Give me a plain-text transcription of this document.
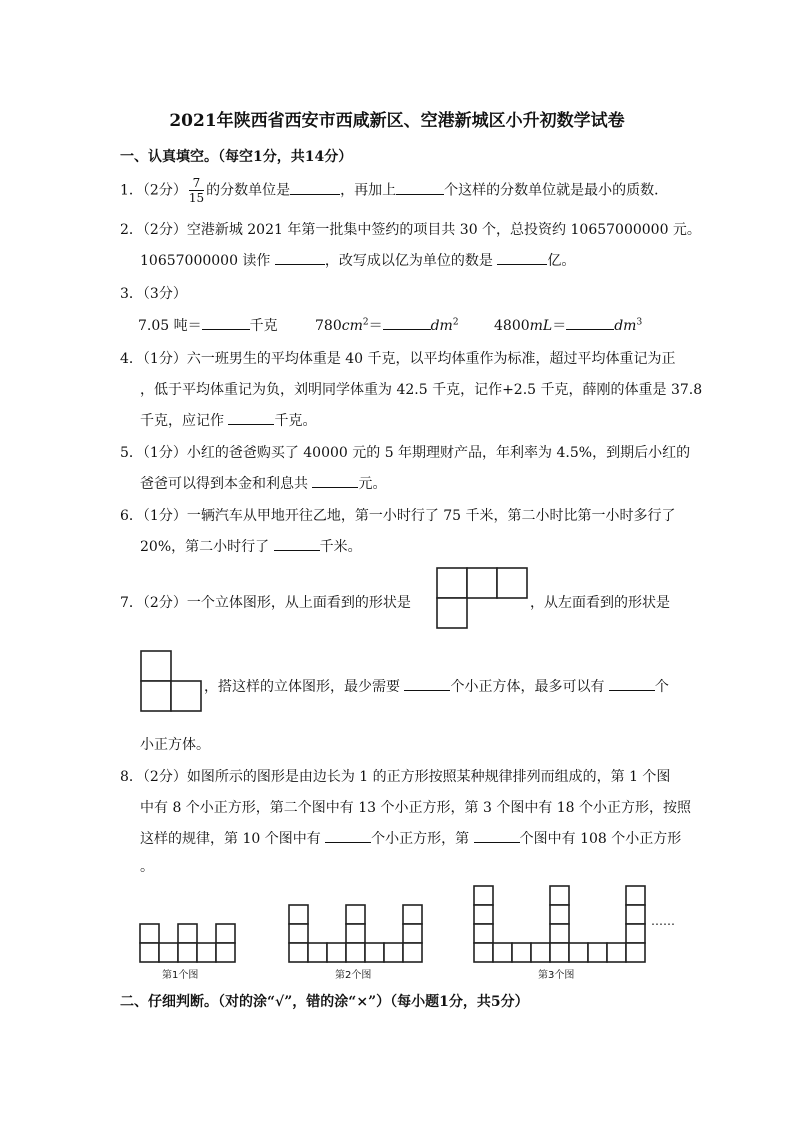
2021年陕西省西安市西咸新区、空港新城区小升初数学试卷
一、认真填空。（每空1分，共14分）
1．（2分） $\frac{7}{15}$ 的分数单位是	，再加上	个这样的分数单位就是最小的质数．
2．（2分）空港新城 2021 年第一批集中签约的项目共 30 个，总投资约 10657000000 元。
10657000000 读作	，改写成以亿为单位的数是	亿。
3．（3分）
7.05 吨＝	千克	$780cm^2=$	$dm^2$	4800mL＝	$dm^3$
4．（1分）六一班男生的平均体重是 40 千克，以平均体重作为标准，超过平均体重记为正
，低于平均体重记为负，刘明同学体重为 42.5 千克，记作+2.5 千克，薛刚的体重是 37.8
千克，应记作	千克。
5．（1分）小红的爸爸购买了 40000 元的 5 年期理财产品，年利率为 4.5%，到期后小红的
爸爸可以得到本金和利息共	元。
6．（1分）一辆汽车从甲地开往乙地，第一小时行了 75 千米，第二小时比第一小时多行了
20%，第二小时行了	千米。
7．（2分）一个立体图形，从上面看到的形状是	，从左面看到的形状是
，搭这样的立体图形，最少需要	个小正方体，最多可以有	个
小正方体。
8．（2分）如图所示的图形是由边长为 1 的正方形按照某种规律排列而组成的，第 1 个图
中有 8 个小正方形，第二个图中有 13 个小正方形，第 3 个图中有 18 个小正方形，按照
这样的规律，第 10 个图中有	个小正方形，第	个图中有 108 个小正方形
。
第1个图	第2个图	第3个图
……
二、仔细判断。（对的涂“√”，错的涂“×”）（每小题1分，共5分）
